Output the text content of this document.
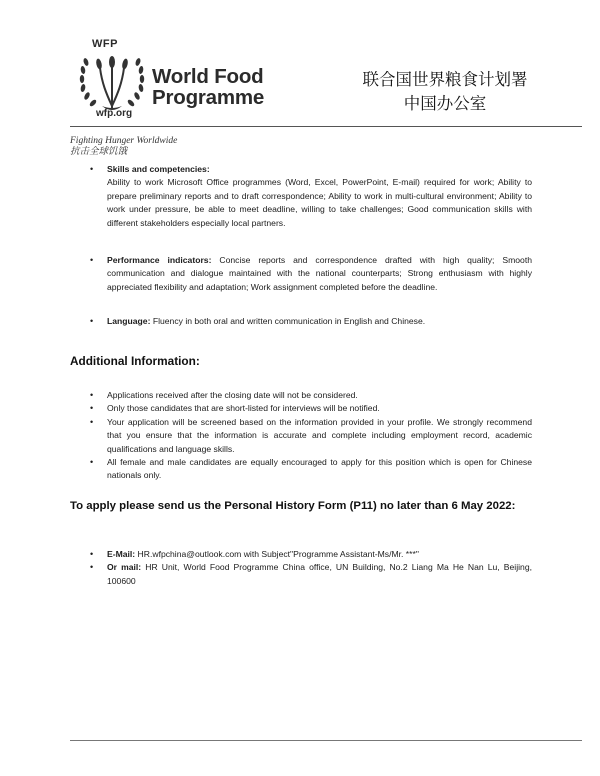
WFP
World Food
Programme
wfp.org
联合国世界粮食计划署
中国办公室
Fighting Hunger Worldwide
抗击全球饥饿
• Skills and competencies:
Ability to work Microsoft Office programmes (Word, Excel, PowerPoint, E-mail) required for work; Ability to prepare preliminary reports and to draft correspondence; Ability to work in multi-cultural environment; Ability to work under pressure, be able to meet deadline, willing to take challenges; Good communication skills with different stakeholders especially local partners.
• Performance indicators: Concise reports and correspondence drafted with high quality; Smooth communication and dialogue maintained with the national counterparts; Strong enthusiasm with highly appreciated flexibility and adaptation; Work assignment completed before the deadline.
• Language: Fluency in both oral and written communication in English and Chinese.
Additional Information:
• Applications received after the closing date will not be considered.
• Only those candidates that are short-listed for interviews will be notified.
• Your application will be screened based on the information provided in your profile. We strongly recommend that you ensure that the information is accurate and complete including employment record, academic qualifications and language skills.
• All female and male candidates are equally encouraged to apply for this position which is open for Chinese nationals only.
To apply please send us the Personal History Form (P11) no later than 6 May 2022:
• E-Mail: HR.wfpchina@outlook.com with Subject"Programme Assistant-Ms/Mr. ***"
• Or mail: HR Unit, World Food Programme China office, UN Building, No.2 Liang Ma He Nan Lu, Beijing, 100600
